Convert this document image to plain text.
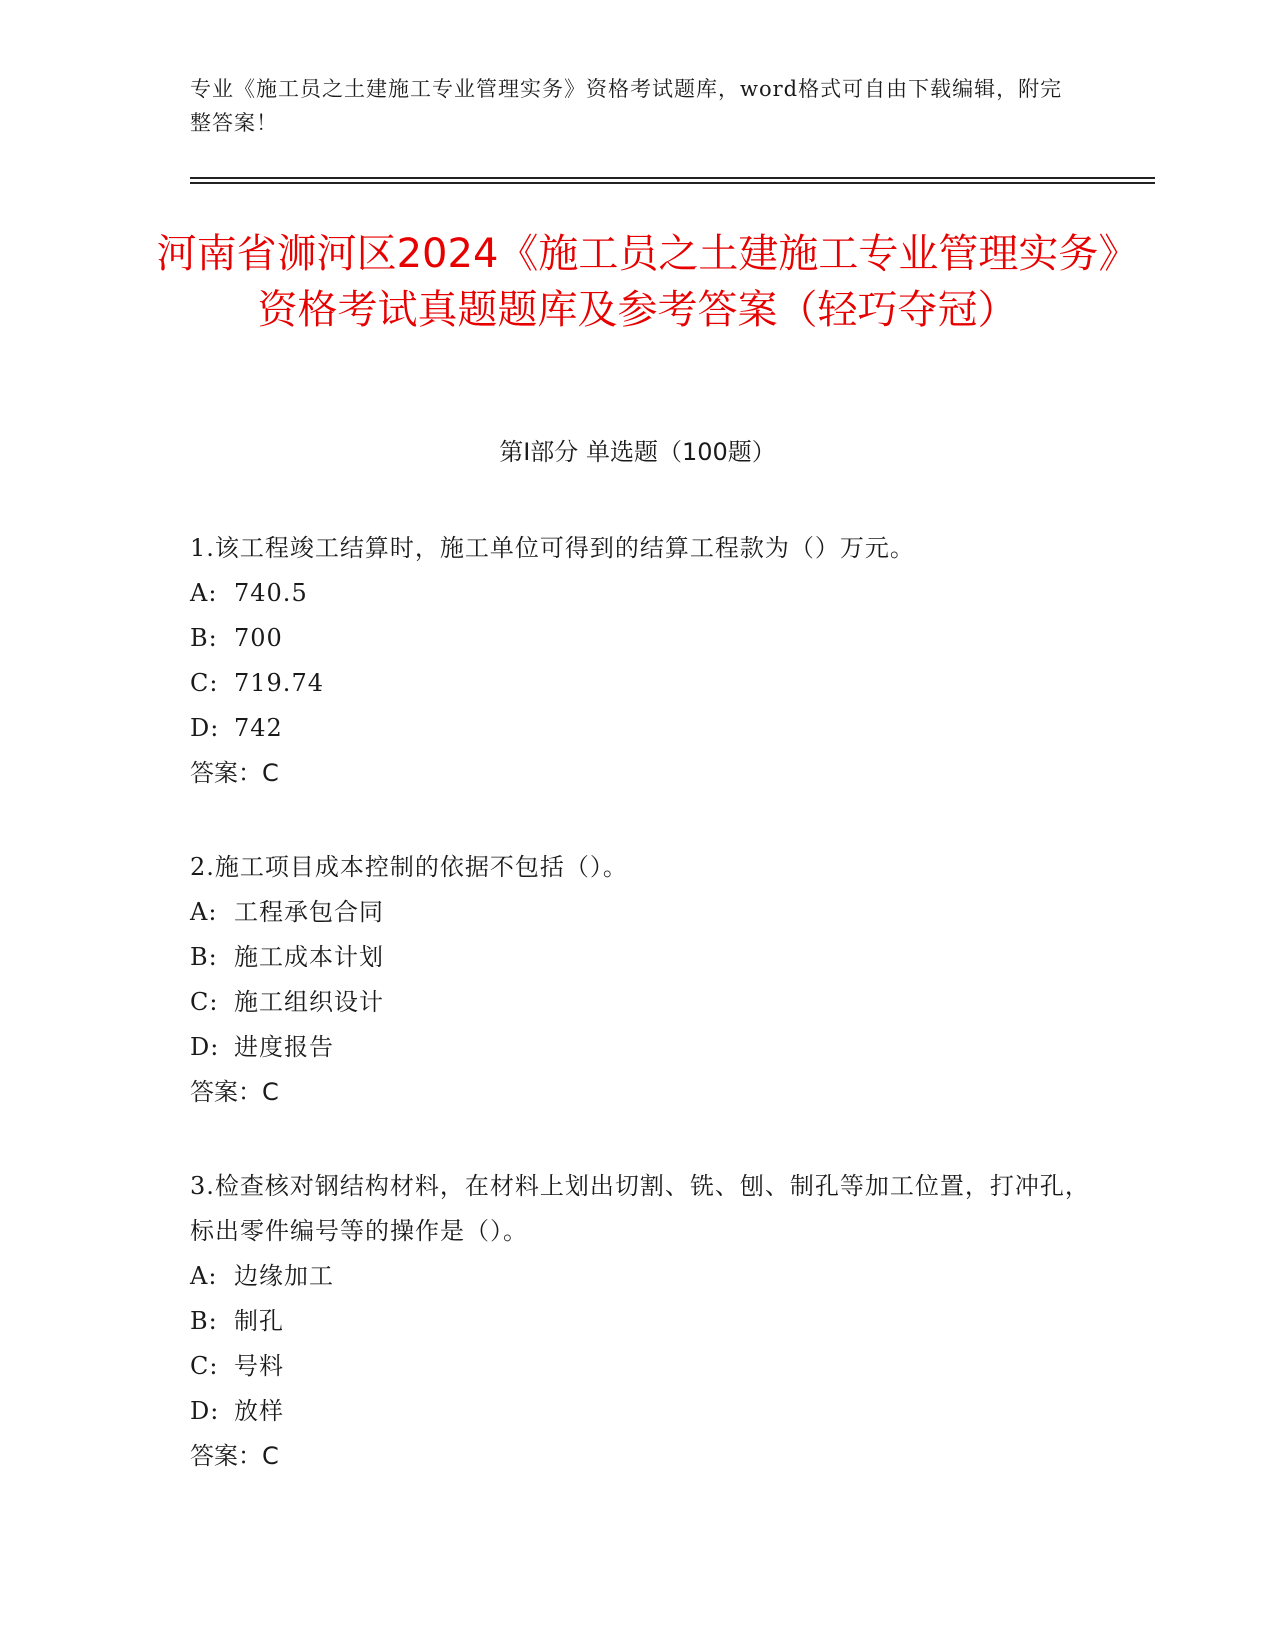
专业《施工员之土建施工专业管理实务》资格考试题库，word格式可自由下载编辑，附完整答案！
河南省浉河区2024《施工员之土建施工专业管理实务》资格考试真题题库及参考答案（轻巧夺冠）
第I部分 单选题（100题）
1.该工程竣工结算时，施工单位可得到的结算工程款为（）万元。
A: 740.5
B: 700
C: 719.74
D: 742
答案：C
2.施工项目成本控制的依据不包括（）。
A: 工程承包合同
B: 施工成本计划
C: 施工组织设计
D: 进度报告
答案：C
3.检查核对钢结构材料，在材料上划出切割、铣、刨、制孔等加工位置，打冲孔，标出零件编号等的操作是（）。
A: 边缘加工
B: 制孔
C: 号料
D: 放样
答案：C
